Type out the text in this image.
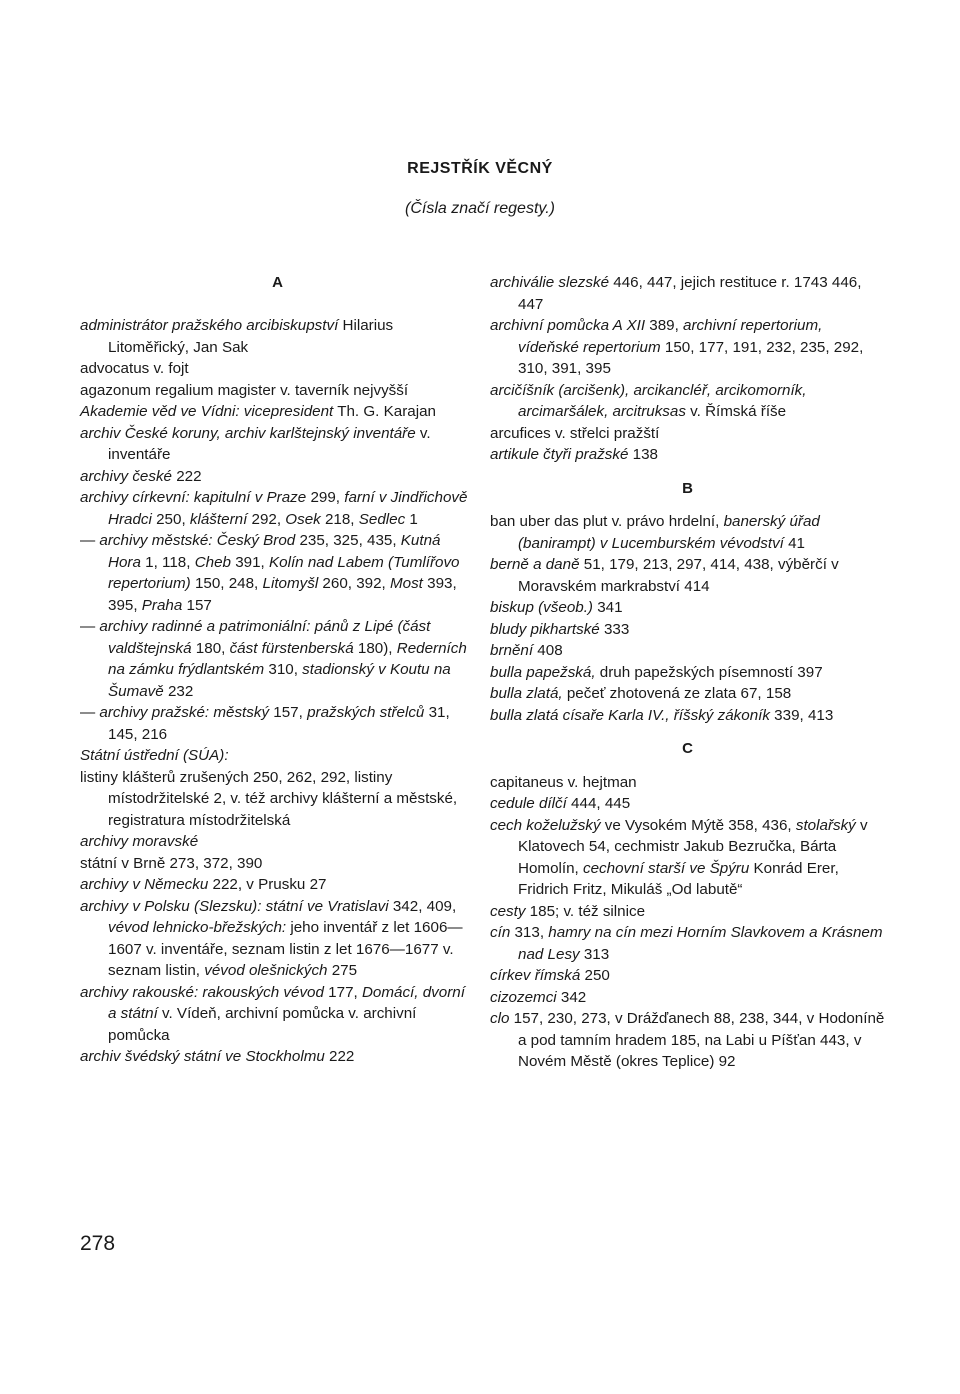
REJSTŘÍK VĚCNÝ
(Čísla značí regesty.)
A
administrátor pražského arcibiskupství Hilarius Litoměřický, Jan Sak
advocatus v. fojt
agazonum regalium magister v. taverník nejvyšší
Akademie věd ve Vídni: vicepresident Th. G. Karajan
archiv České koruny, archiv karlštejnský inventáře v. inventáře
archivy české 222
archivy církevní: kapitulní v Praze 299, farní v Jindřichově Hradci 250, klášterní 292, Osek 218, Sedlec 1
— archivy městské: Český Brod 235, 325, 435, Kutná Hora 1, 118, Cheb 391, Kolín nad Labem (Tumlířovo repertorium) 150, 248, Litomyšl 260, 392, Most 393, 395, Praha 157
— archivy radinné a patrimoniální: pánů z Lipé (část valdštejnská 180, část fürstenberská 180), Rederních na zámku frýdlantském 310, stadionský v Koutu na Šumavě 232
— archivy pražské: městský 157, pražských střelců 31, 145, 216
Státní ústřední (SÚA):
listiny klášterů zrušených 250, 262, 292, listiny místodržitelské 2, v. též archivy klášterní a městské, registratura místodržitelská
archivy moravské
státní v Brně 273, 372, 390
archivy v Německu 222, v Prusku 27
archivy v Polsku (Slezsku): státní ve Vratislavi 342, 409, vévod lehnicko-břežských: jeho inventář z let 1606—1607 v. inventáře, seznam listin z let 1676—1677 v. seznam listin, vévod olešnických 275
archivy rakouské: rakouských vévod 177, Domácí, dvorní a státní v. Vídeň, archivní pomůcka v. archivní pomůcka
archiv švédský státní ve Stockholmu 222
archiválie slezské 446, 447, jejich restituce r. 1743 446, 447
archivní pomůcka A XII 389, archivní repertorium, vídeňské repertorium 150, 177, 191, 232, 235, 292, 310, 391, 395
arcičíšník (arcišenk), arcikancléř, arcikomorník, arcimaršálek, arcitruksas v. Římská říše
arcufices v. střelci pražští
artikule čtyři pražské 138
B
ban uber das plut v. právo hrdelní, banerský úřad (banirampt) v Lucemburském vévodství 41
berně a daně 51, 179, 213, 297, 414, 438, výběrčí v Moravském markrabství 414
biskup (všeob.) 341
bludy pikhartské 333
brnění 408
bulla papežská, druh papežských písemností 397
bulla zlatá, pečeť zhotovená ze zlata 67, 158
bulla zlatá císaře Karla IV., říšský zákoník 339, 413
C
capitaneus v. hejtman
cedule dílčí 444, 445
cech koželužský ve Vysokém Mýtě 358, 436, stolařský v Klatovech 54, cechmistr Jakub Bezručka, Bárta Homolín, cechovní starší ve Špýru Konrád Erer, Fridrich Fritz, Mikuláš „Od labutě“
cesty 185; v. též silnice
cín 313, hamry na cín mezi Horním Slavkovem a Krásnem nad Lesy 313
církev římská 250
cizozemci 342
clo 157, 230, 273, v Drážďanech 88, 238, 344, v Hodoníně a pod tamním hradem 185, na Labi u Píšťan 443, v Novém Městě (okres Teplice) 92
278
